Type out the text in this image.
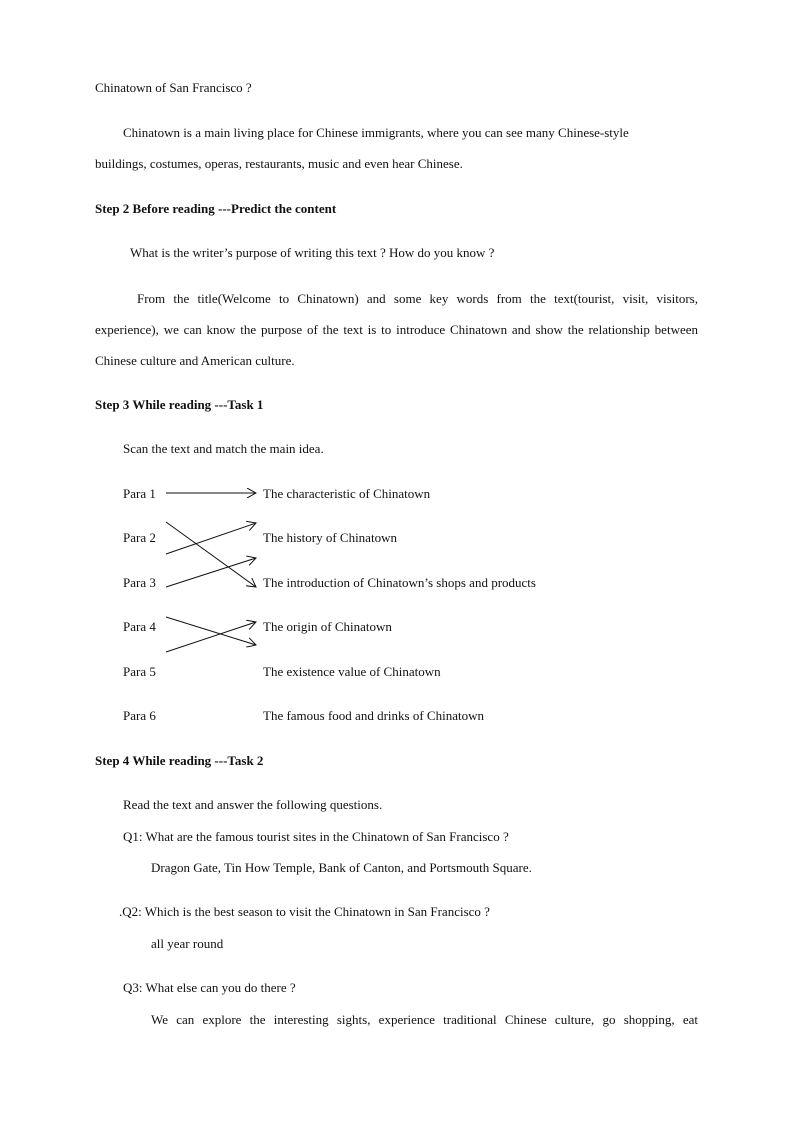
Chinatown of San Francisco ?
Chinatown is a main living place for Chinese immigrants, where you can see many Chinese-style
buildings, costumes, operas, restaurants, music and even hear Chinese.
Step 2 Before reading ---Predict the content
What is the writer’s purpose of writing this text ? How do you know ?
From the title(Welcome to Chinatown) and some key words from the text(tourist, visit, visitors, experience), we can know the purpose of the text is to introduce Chinatown and show the relationship between Chinese culture and American culture.
Step 3 While reading ---Task 1
Scan the text and match the main idea.
Para 1
Para 2
Para 3
Para 4
Para 5
Para 6
The characteristic of Chinatown
The history of Chinatown
The introduction of Chinatown’s shops and products
The origin of Chinatown
The existence value of Chinatown
The famous food and drinks of Chinatown
Step 4 While reading ---Task 2
Read the text and answer the following questions.
Q1: What are the famous tourist sites in the Chinatown of San Francisco ?
Dragon Gate, Tin How Temple, Bank of Canton, and Portsmouth Square.
.Q2: Which is the best season to visit the Chinatown in San Francisco ?
all year round
Q3: What else can you do there ?
We can explore the interesting sights, experience traditional Chinese culture, go shopping, eat
